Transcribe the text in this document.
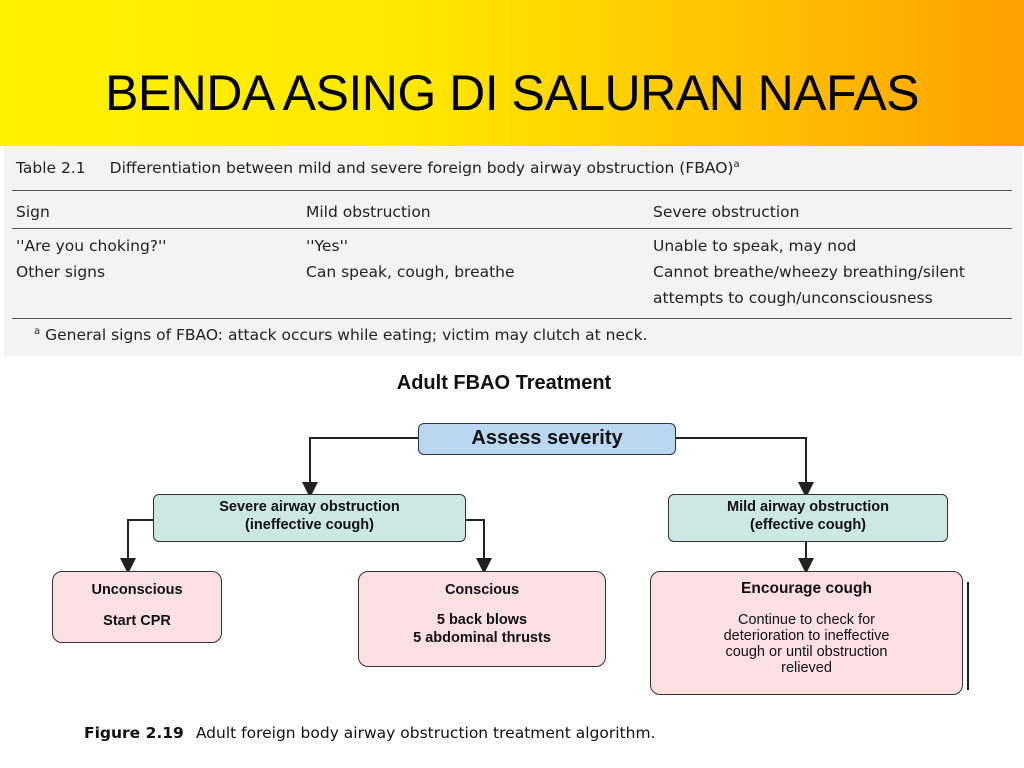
BENDA ASING DI SALURAN NAFAS
Table 2.1 Differentiation between mild and severe foreign body airway obstruction (FBAO)$^a$
Sign	Mild obstruction	Severe obstruction
''Are you choking?''	''Yes''	Unable to speak, may nod
Other signs	Can speak, cough, breathe	Cannot breathe/wheezy breathing/silent
attempts to cough/unconsciousness
$^a$ General signs of FBAO: attack occurs while eating; victim may clutch at neck.
Adult FBAO Treatment
Assess severity
Severe airway obstruction
(ineffective cough)
Mild airway obstruction
(effective cough)
Unconscious
Start CPR
Conscious
5 back blows
5 abdominal thrusts
Encourage cough
Continue to check for
deterioration to ineffective
cough or until obstruction
relieved
Figure 2.19 Adult foreign body airway obstruction treatment algorithm.
